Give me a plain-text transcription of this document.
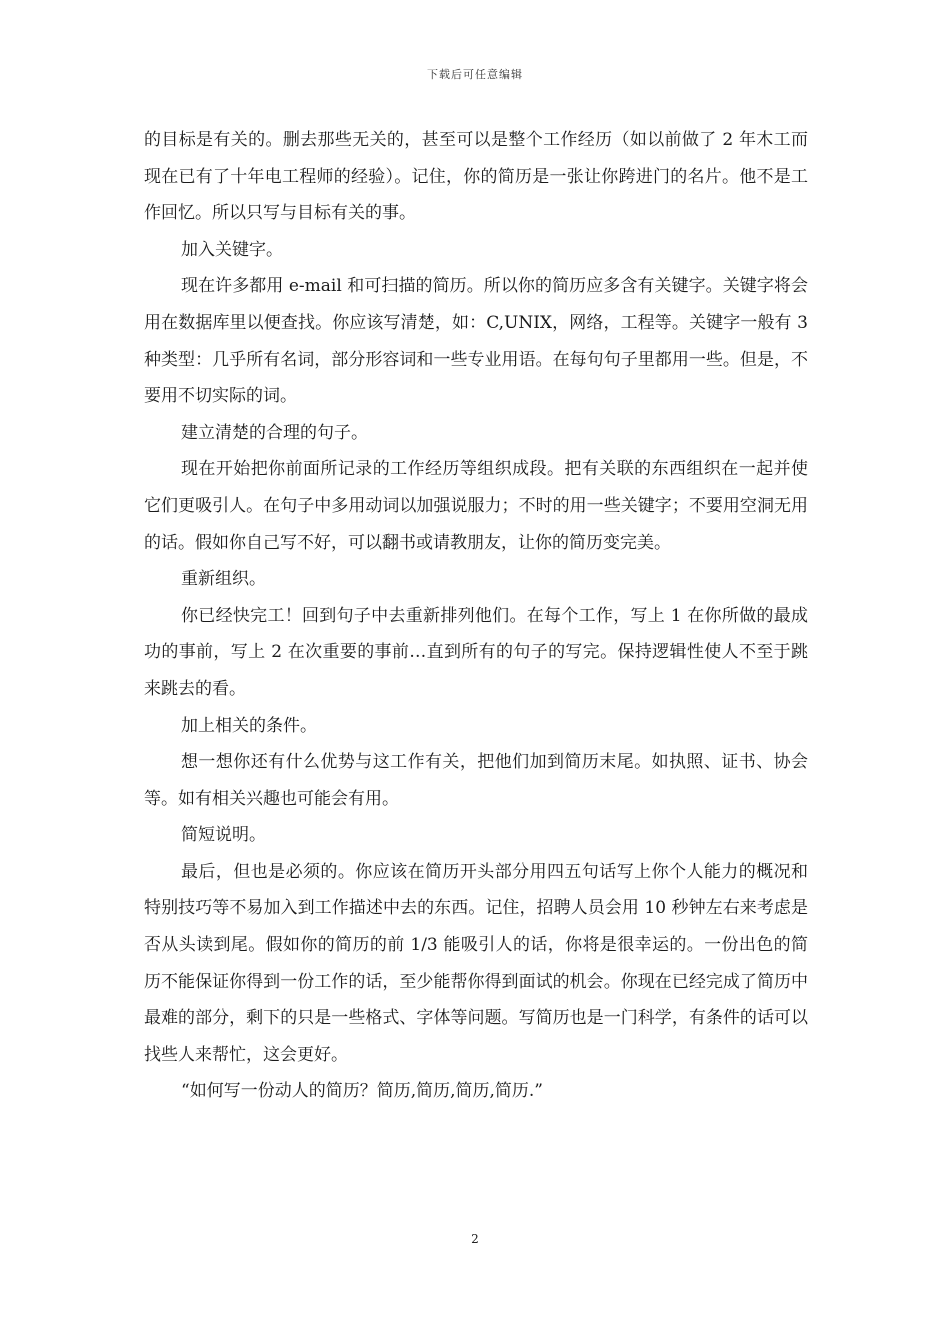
下载后可任意编辑

的目标是有关的。删去那些无关的，甚至可以是整个工作经历（如以前做了 2 年木工而现在已有了十年电工程师的经验）。记住，你的简历是一张让你跨进门的名片。他不是工作回忆。所以只写与目标有关的事。

加入关键字。

现在许多都用 e-mail 和可扫描的简历。所以你的简历应多含有关键字。关键字将会用在数据库里以便查找。你应该写清楚，如：C,UNIX，网络，工程等。关键字一般有 3 种类型：几乎所有名词，部分形容词和一些专业用语。在每句句子里都用一些。但是，不要用不切实际的词。

建立清楚的合理的句子。

现在开始把你前面所记录的工作经历等组织成段。把有关联的东西组织在一起并使它们更吸引人。在句子中多用动词以加强说服力；不时的用一些关键字；不要用空洞无用的话。假如你自己写不好，可以翻书或请教朋友，让你的简历变完美。

重新组织。

你已经快完工！回到句子中去重新排列他们。在每个工作，写上 1 在你所做的最成功的事前，写上 2 在次重要的事前…直到所有的句子的写完。保持逻辑性使人不至于跳来跳去的看。

加上相关的条件。

想一想你还有什么优势与这工作有关，把他们加到简历末尾。如执照、证书、协会等。如有相关兴趣也可能会有用。

简短说明。

最后，但也是必须的。你应该在简历开头部分用四五句话写上你个人能力的概况和特别技巧等不易加入到工作描述中去的东西。记住，招聘人员会用 10 秒钟左右来考虑是否从头读到尾。假如你的简历的前 1/3 能吸引人的话，你将是很幸运的。一份出色的简历不能保证你得到一份工作的话，至少能帮你得到面试的机会。你现在已经完成了简历中最难的部分，剩下的只是一些格式、字体等问题。写简历也是一门科学，有条件的话可以找些人来帮忙，这会更好。

“如何写一份动人的简历？简历,简历,简历,简历.”

2
